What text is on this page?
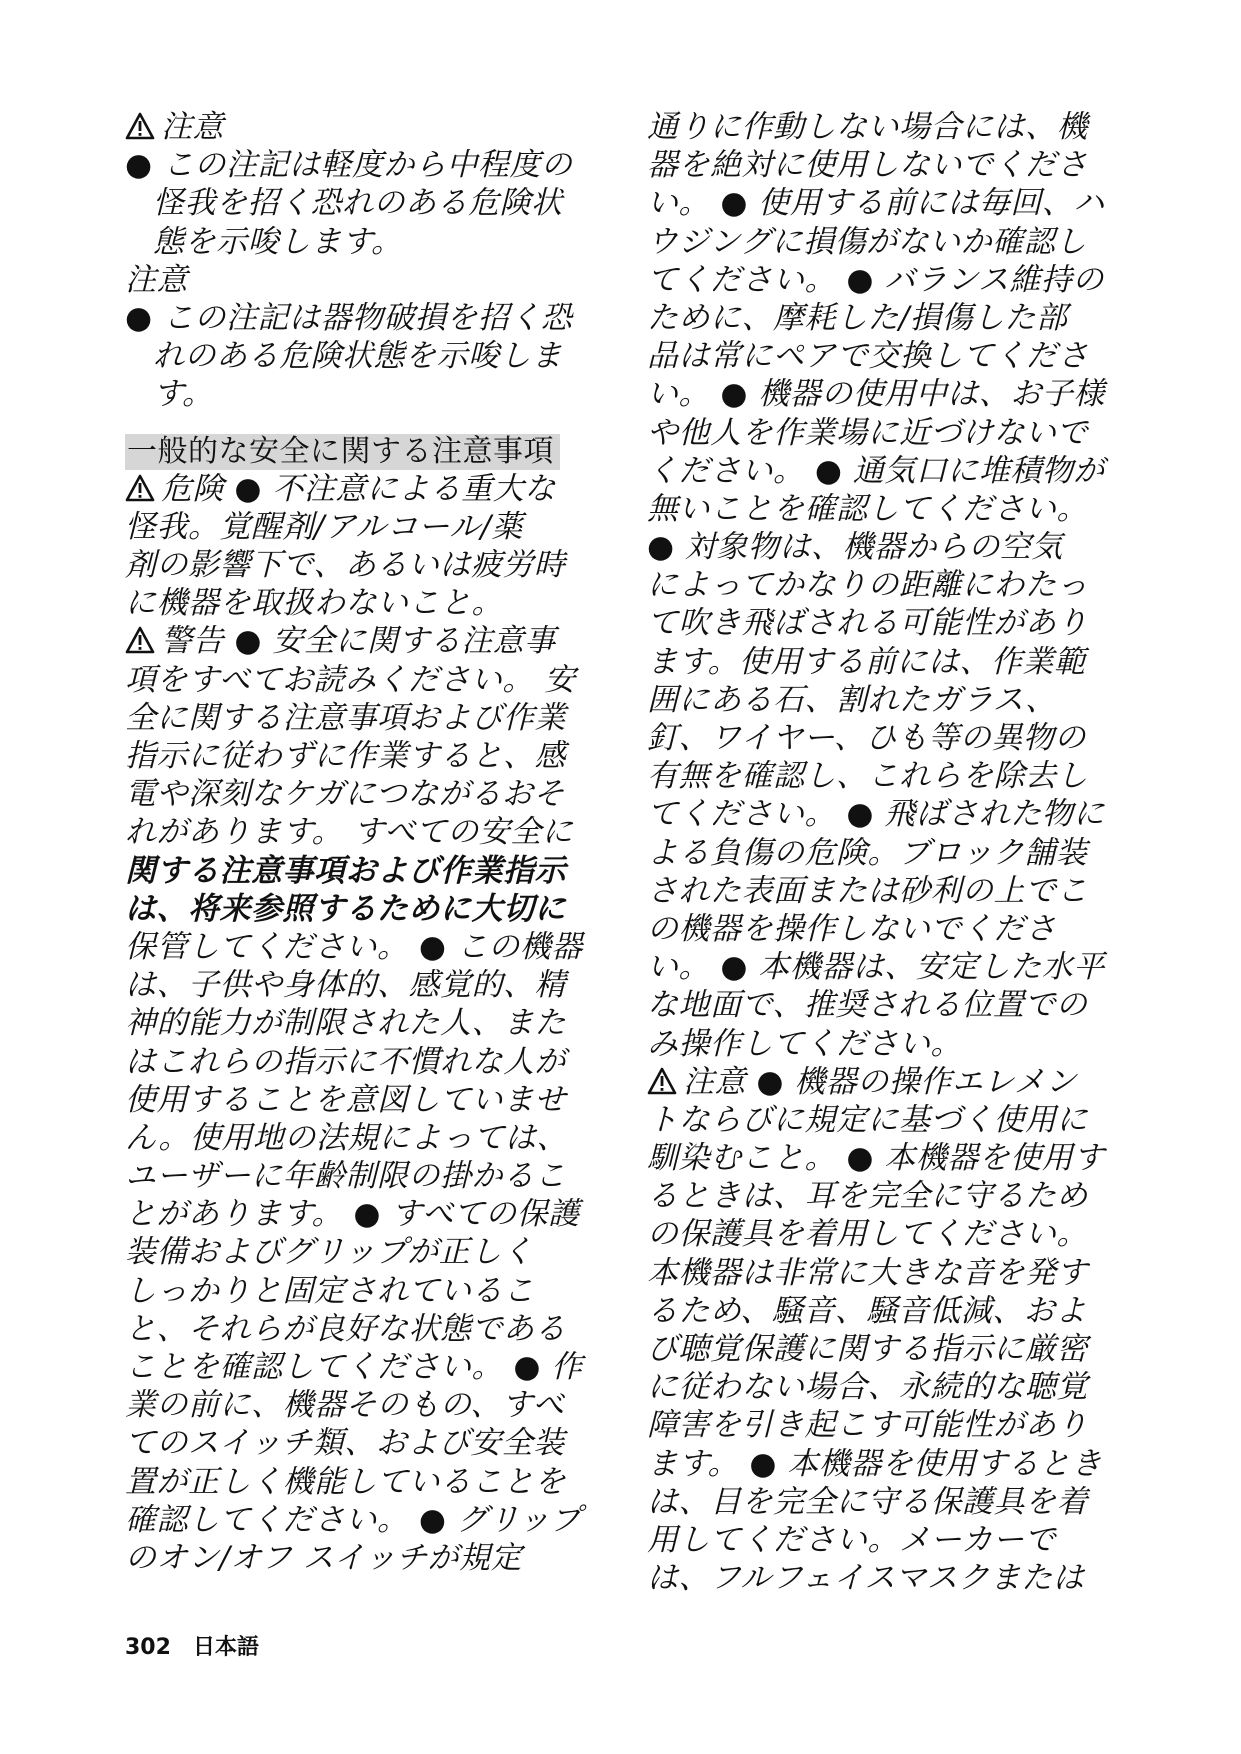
注意
● この注記は軽度から中程度の
怪我を招く恐れのある危険状
態を示唆します。
注意
● この注記は器物破損を招く恐
れのある危険状態を示唆しま
す。
一般的な安全に関する注意事項
危険 ● 不注意による重大な
怪我。覚醒剤/アルコール/薬
剤の影響下で、あるいは疲労時
に機器を取扱わないこと。
警告 ● 安全に関する注意事
項をすべてお読みください。 安
全に関する注意事項および作業
指示に従わずに作業すると、感
電や深刻なケガにつながるおそ
れがあります。 すべての安全に
関する注意事項および作業指示
は、将来参照するために大切に
保管してください。 ● この機器
は、子供や身体的、感覚的、精
神的能力が制限された人、また
はこれらの指示に不慣れな人が
使用することを意図していませ
ん。使用地の法規によっては、
ユーザーに年齢制限の掛かるこ
とがあります。 ● すべての保護
装備およびグリップが正しく
しっかりと固定されているこ
と、それらが良好な状態である
ことを確認してください。 ● 作
業の前に、機器そのもの、すべ
てのスイッチ類、および安全装
置が正しく機能していることを
確認してください。 ● グリップ
のオン/オフ スイッチが規定
通りに作動しない場合には、機
器を絶対に使用しないでくださ
い。 ● 使用する前には毎回、ハ
ウジングに損傷がないか確認し
てください。 ● バランス維持の
ために、摩耗した/損傷した部
品は常にペアで交換してくださ
い。 ● 機器の使用中は、お子様
や他人を作業場に近づけないで
ください。 ● 通気口に堆積物が
無いことを確認してください。
● 対象物は、機器からの空気
によってかなりの距離にわたっ
て吹き飛ばされる可能性があり
ます。使用する前には、作業範
囲にある石、割れたガラス、
釘、ワイヤー、ひも等の異物の
有無を確認し、これらを除去し
てください。 ● 飛ばされた物に
よる負傷の危険。ブロック舗装
された表面または砂利の上でこ
の機器を操作しないでくださ
い。 ● 本機器は、安定した水平
な地面で、推奨される位置での
み操作してください。
注意 ● 機器の操作エレメン
トならびに規定に基づく使用に
馴染むこと。 ● 本機器を使用す
るときは、耳を完全に守るため
の保護具を着用してください。
本機器は非常に大きな音を発す
るため、騒音、騒音低減、およ
び聴覚保護に関する指示に厳密
に従わない場合、永続的な聴覚
障害を引き起こす可能性があり
ます。 ● 本機器を使用するとき
は、目を完全に守る保護具を着
用してください。メーカーで
は、フルフェイスマスクまたは
302 日本語
